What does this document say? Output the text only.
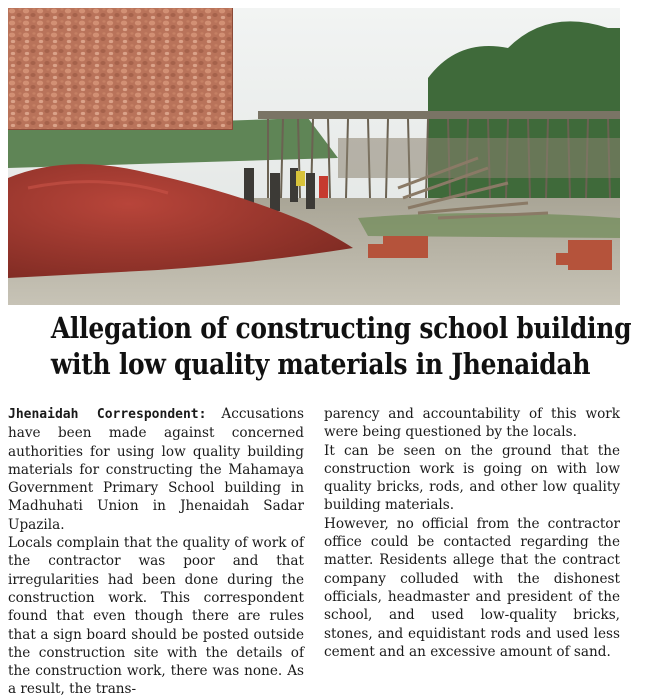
Allegation of constructing school building
with low quality materials in Jhenaidah

Jhenaidah Correspondent: Accusations have been made against concerned authorities for using low quality building materials for constructing the Mahamaya Government Primary School building in Madhuhati Union in Jhenaidah Sadar Upazila.

Locals complain that the quality of work of the contractor was poor and that irregularities had been done during the construction work. This correspondent found that even though there are rules that a sign board should be posted outside the construction site with the details of the construction work, there was none. As a result, the trans-

parency and accountability of this work were being questioned by the locals.

It can be seen on the ground that the construction work is going on with low quality bricks, rods, and other low quality building materials.

However, no official from the contractor office could be contacted regarding the matter. Residents allege that the contract company colluded with the dishonest officials, headmaster and president of the school, and used low-quality bricks, stones, and equidistant rods and used less cement and an excessive amount of sand.
